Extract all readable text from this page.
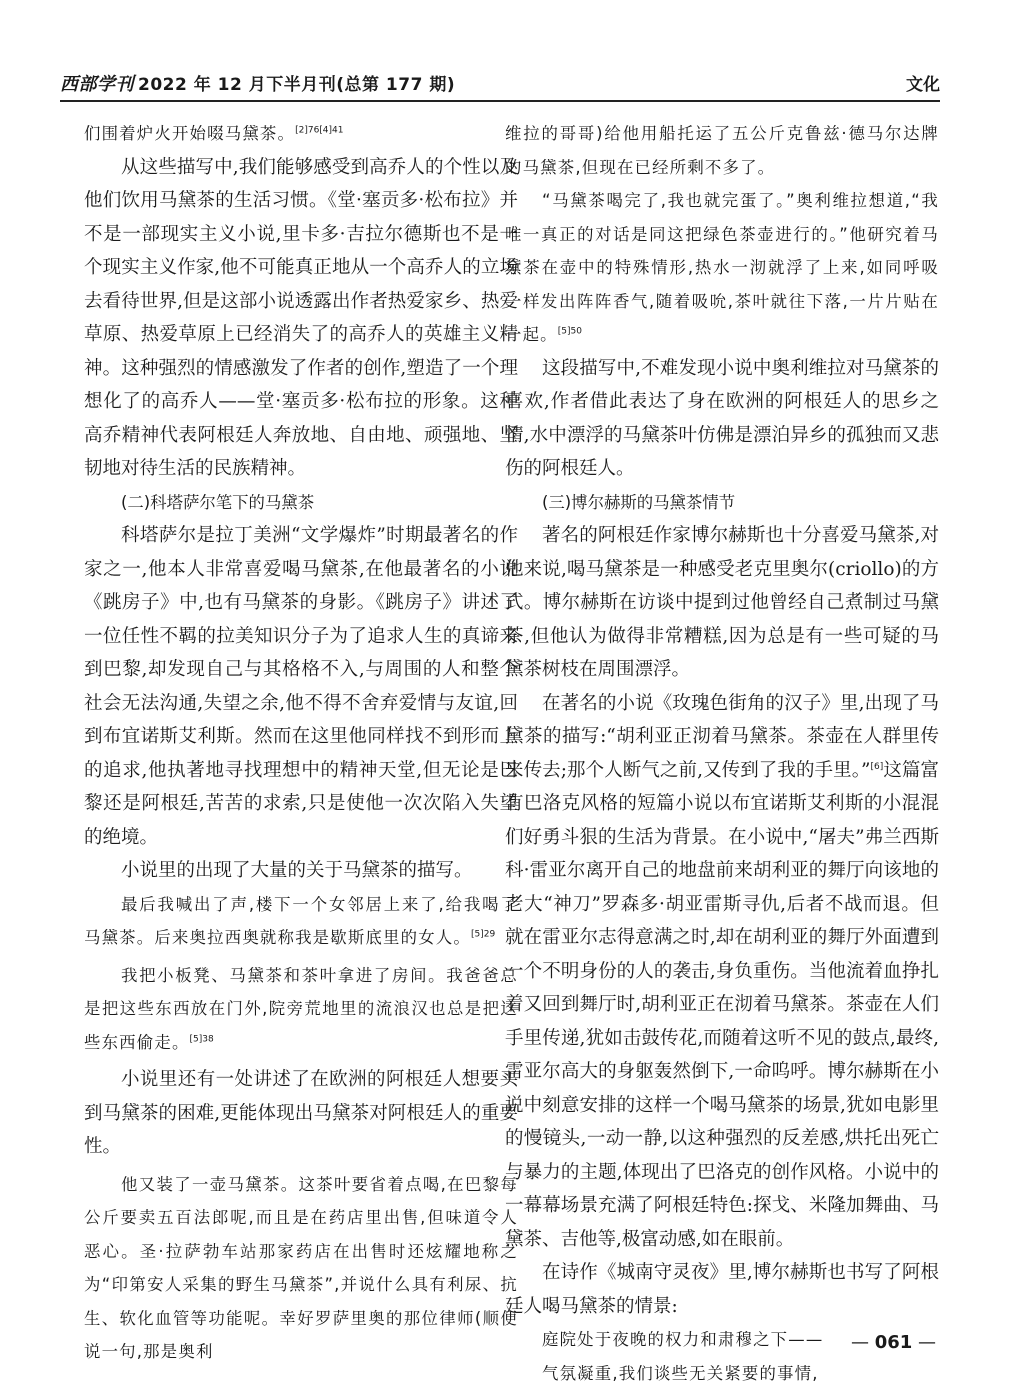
西部学刊 2022 年 12 月下半月刊(总第 177 期)	文化

们围着炉火开始啜马黛茶。$^{[2]76[4]41}$

从这些描写中,我们能够感受到高乔人的个性以及他们饮用马黛茶的生活习惯。《堂·塞贡多·松布拉》并不是一部现实主义小说,里卡多·吉拉尔德斯也不是一个现实主义作家,他不可能真正地从一个高乔人的立场去看待世界,但是这部小说透露出作者热爱家乡、热爱草原、热爱草原上已经消失了的高乔人的英雄主义精神。这种强烈的情感激发了作者的创作,塑造了一个理想化了的高乔人——堂·塞贡多·松布拉的形象。这种高乔精神代表阿根廷人奔放地、自由地、顽强地、坚韧地对待生活的民族精神。

(二)科塔萨尔笔下的马黛茶

科塔萨尔是拉丁美洲“文学爆炸”时期最著名的作家之一,他本人非常喜爱喝马黛茶,在他最著名的小说《跳房子》中,也有马黛茶的身影。《跳房子》讲述了一位任性不羁的拉美知识分子为了追求人生的真谛来到巴黎,却发现自己与其格格不入,与周围的人和整个社会无法沟通,失望之余,他不得不舍弃爱情与友谊,回到布宜诺斯艾利斯。然而在这里他同样找不到形而上的追求,他执著地寻找理想中的精神天堂,但无论是巴黎还是阿根廷,苦苦的求索,只是使他一次次陷入失望的绝境。

小说里的出现了大量的关于马黛茶的描写。

最后我喊出了声,楼下一个女邻居上来了,给我喝了马黛茶。后来奥拉西奥就称我是歇斯底里的女人。$^{[5]29}$

我把小板凳、马黛茶和茶叶拿进了房间。我爸爸总是把这些东西放在门外,院旁荒地里的流浪汉也总是把这些东西偷走。$^{[5]38}$

小说里还有一处讲述了在欧洲的阿根廷人想要买到马黛茶的困难,更能体现出马黛茶对阿根廷人的重要性。

他又装了一壶马黛茶。这茶叶要省着点喝,在巴黎每公斤要卖五百法郎呢,而且是在药店里出售,但味道令人恶心。圣·拉萨勃车站那家药店在出售时还炫耀地称之为“印第安人采集的野生马黛茶”,并说什么具有利尿、抗生、软化血管等功能呢。幸好罗萨里奥的那位律师(顺便说一句,那是奥利

维拉的哥哥)给他用船托运了五公斤克鲁兹·德马尔达牌的马黛茶,但现在已经所剩不多了。

“马黛茶喝完了,我也就完蛋了。”奥利维拉想道,“我唯一真正的对话是同这把绿色茶壶进行的。”他研究着马黛茶在壶中的特殊情形,热水一沏就浮了上来,如同呼吸一样发出阵阵香气,随着吸吮,茶叶就往下落,一片片贴在一起。$^{[5]50}$

这段描写中,不难发现小说中奥利维拉对马黛茶的喜欢,作者借此表达了身在欧洲的阿根廷人的思乡之情,水中漂浮的马黛茶叶仿佛是漂泊异乡的孤独而又悲伤的阿根廷人。

(三)博尔赫斯的马黛茶情节

著名的阿根廷作家博尔赫斯也十分喜爱马黛茶,对他来说,喝马黛茶是一种感受老克里奥尔(criollo)的方式。博尔赫斯在访谈中提到过他曾经自己煮制过马黛茶,但他认为做得非常糟糕,因为总是有一些可疑的马黛茶树枝在周围漂浮。

在著名的小说《玫瑰色街角的汉子》里,出现了马黛茶的描写:“胡利亚正沏着马黛茶。茶壶在人群里传来传去;那个人断气之前,又传到了我的手里。”[6]这篇富有巴洛克风格的短篇小说以布宜诺斯艾利斯的小混混们好勇斗狠的生活为背景。在小说中,“屠夫”弗兰西斯科·雷亚尔离开自己的地盘前来胡利亚的舞厅向该地的老大“神刀”罗森多·胡亚雷斯寻仇,后者不战而退。但就在雷亚尔志得意满之时,却在胡利亚的舞厅外面遭到一个不明身份的人的袭击,身负重伤。当他流着血挣扎着又回到舞厅时,胡利亚正在沏着马黛茶。茶壶在人们手里传递,犹如击鼓传花,而随着这听不见的鼓点,最终,雷亚尔高大的身躯轰然倒下,一命呜呼。博尔赫斯在小说中刻意安排的这样一个喝马黛茶的场景,犹如电影里的慢镜头,一动一静,以这种强烈的反差感,烘托出死亡与暴力的主题,体现出了巴洛克的创作风格。小说中的一幕幕场景充满了阿根廷特色:探戈、米隆加舞曲、马黛茶、吉他等,极富动感,如在眼前。

在诗作《城南守灵夜》里,博尔赫斯也书写了阿根廷人喝马黛茶的情景:

庭院处于夜晚的权力和肃穆之下——

气氛凝重,我们谈些无关紧要的事情,

— 061 —
